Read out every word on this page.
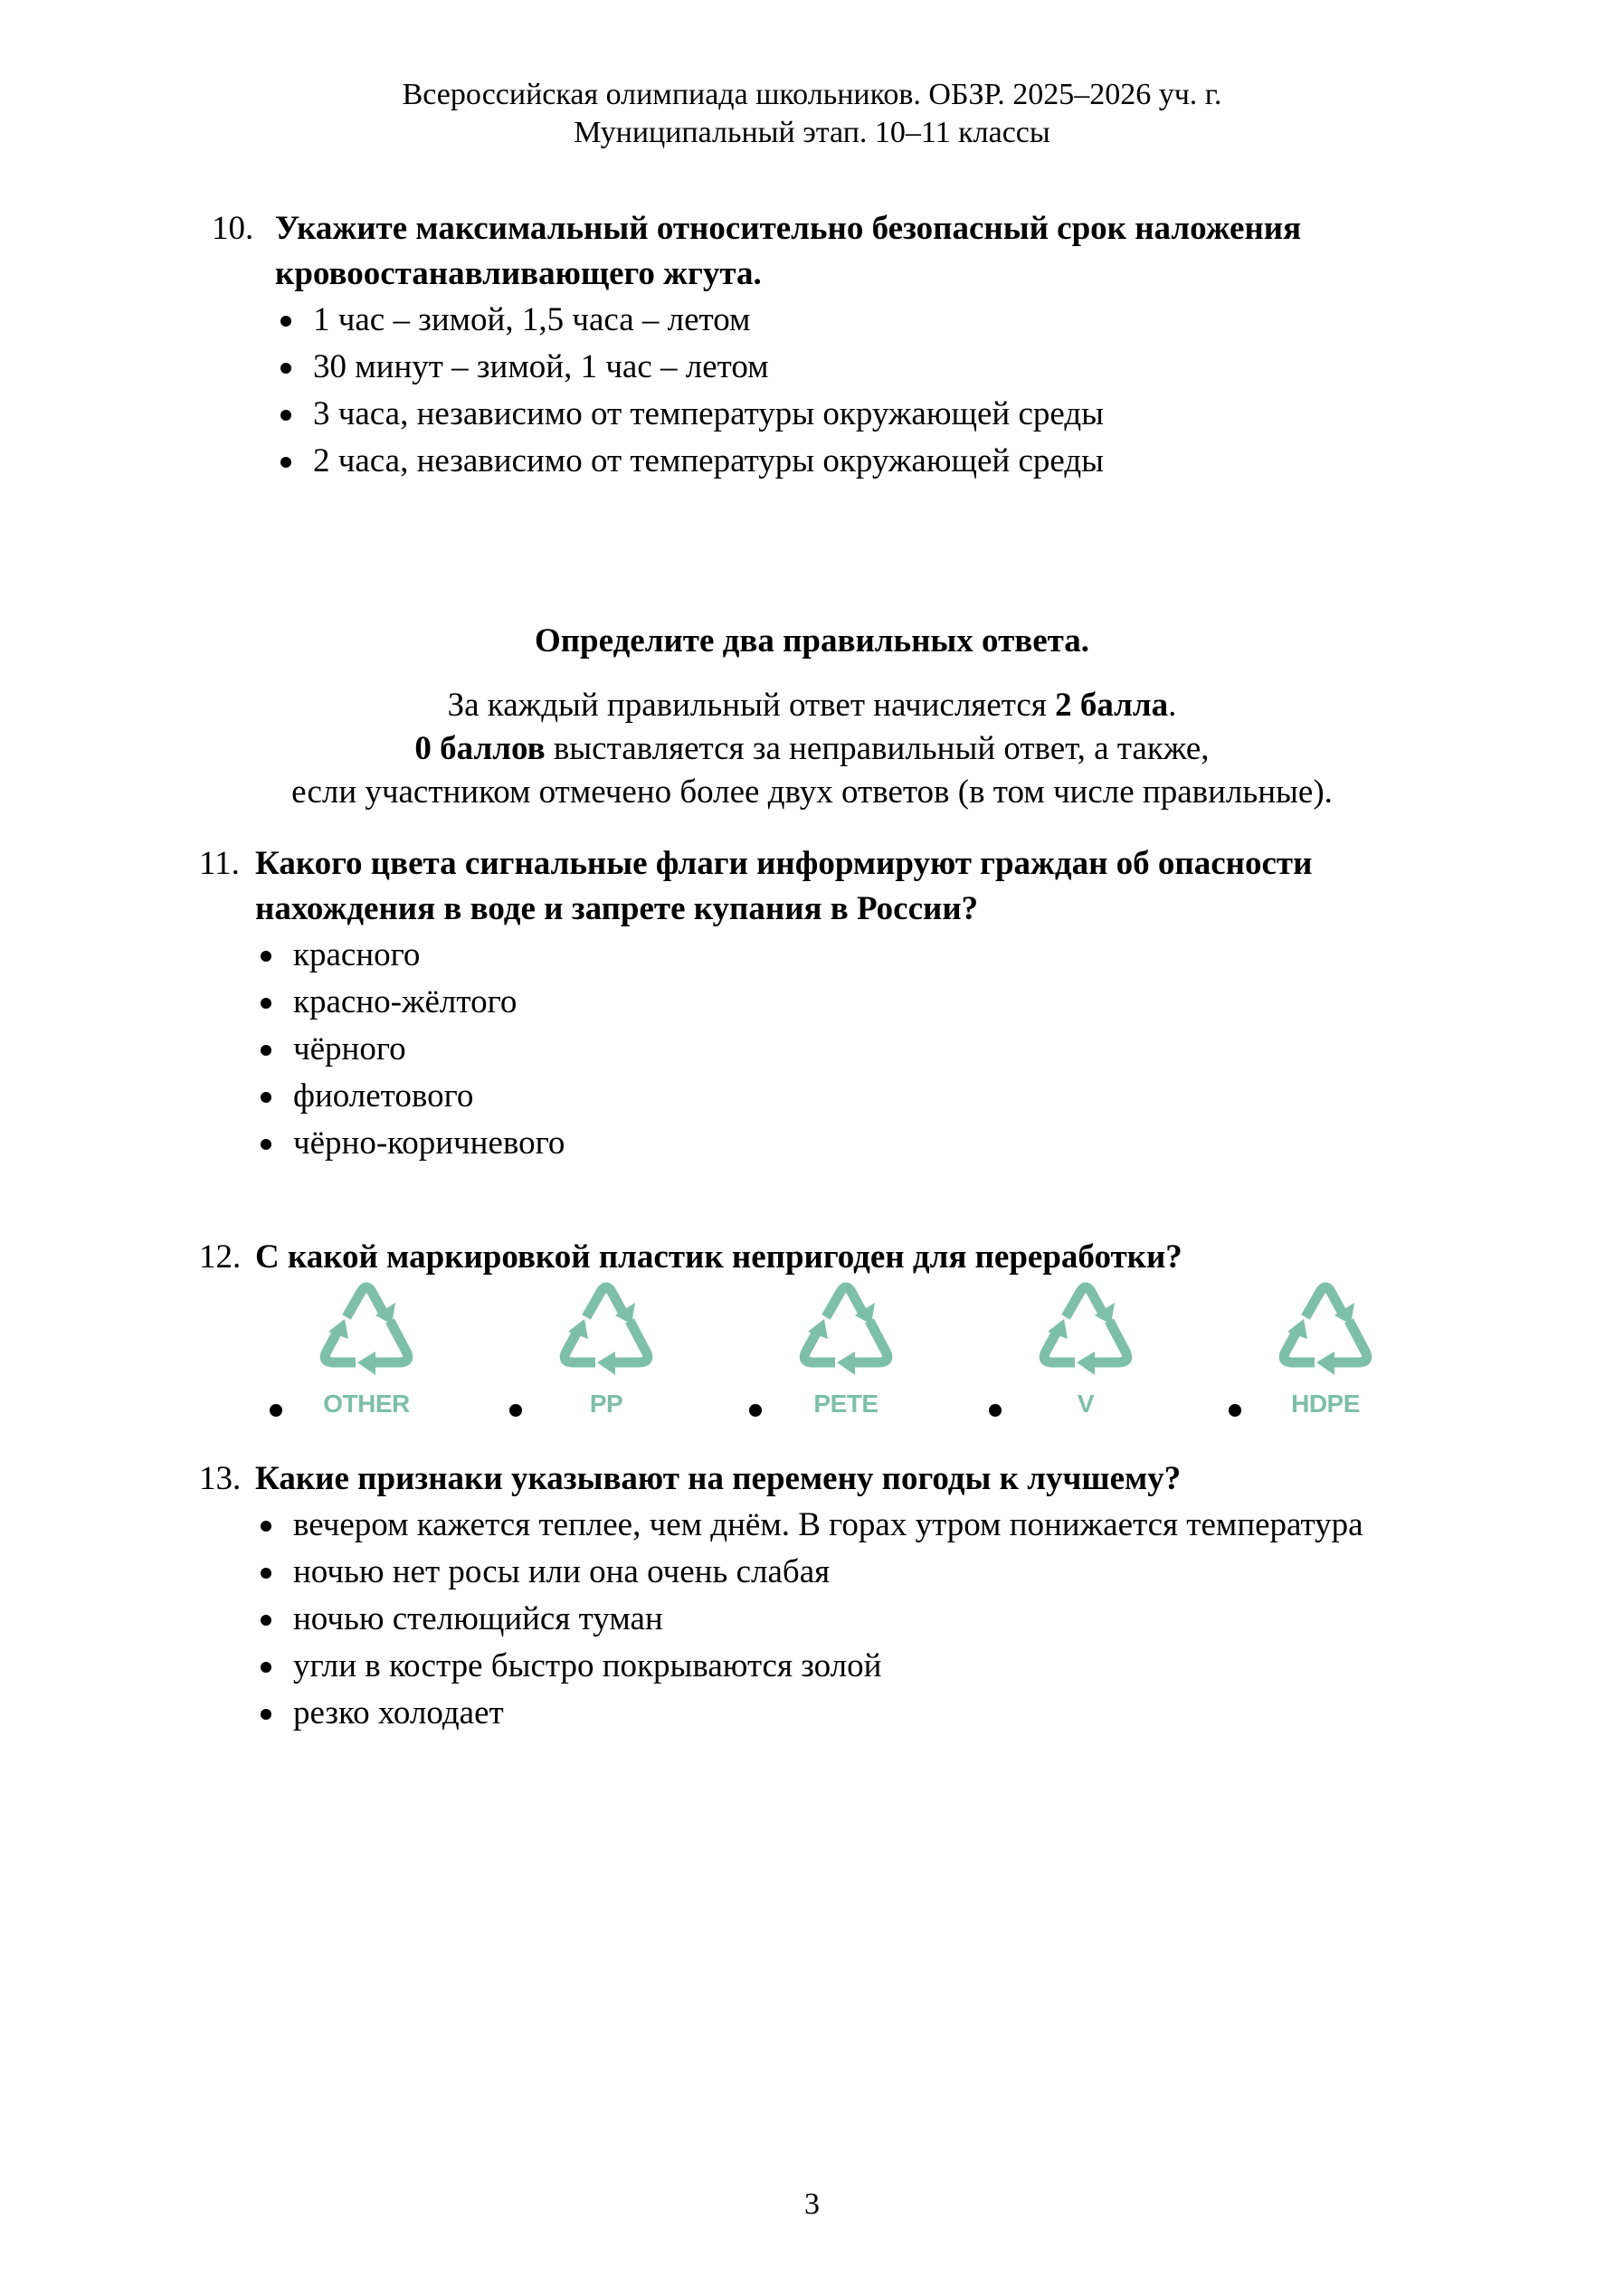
Всероссийская олимпиада школьников. ОБЗР. 2025–2026 уч. г.
Муниципальный этап. 10–11 классы
10. Укажите максимальный относительно безопасный срок наложения кровоостанавливающего жгута.
1 час – зимой, 1,5 часа – летом
30 минут – зимой, 1 час – летом
3 часа, независимо от температуры окружающей среды
2 часа, независимо от температуры окружающей среды
Определите два правильных ответа.
За каждый правильный ответ начисляется 2 балла.
0 баллов выставляется за неправильный ответ, а также,
если участником отмечено более двух ответов (в том числе правильные).
11. Какого цвета сигнальные флаги информируют граждан об опасности нахождения в воде и запрете купания в России?
красного
красно-жёлтого
чёрного
фиолетового
чёрно-коричневого
12. С какой маркировкой пластик непригоден для переработки?
OTHER	PP	PETE	V	HDPE
13. Какие признаки указывают на перемену погоды к лучшему?
вечером кажется теплее, чем днём. В горах утром понижается температура
ночью нет росы или она очень слабая
ночью стелющийся туман
угли в костре быстро покрываются золой
резко холодает
3
